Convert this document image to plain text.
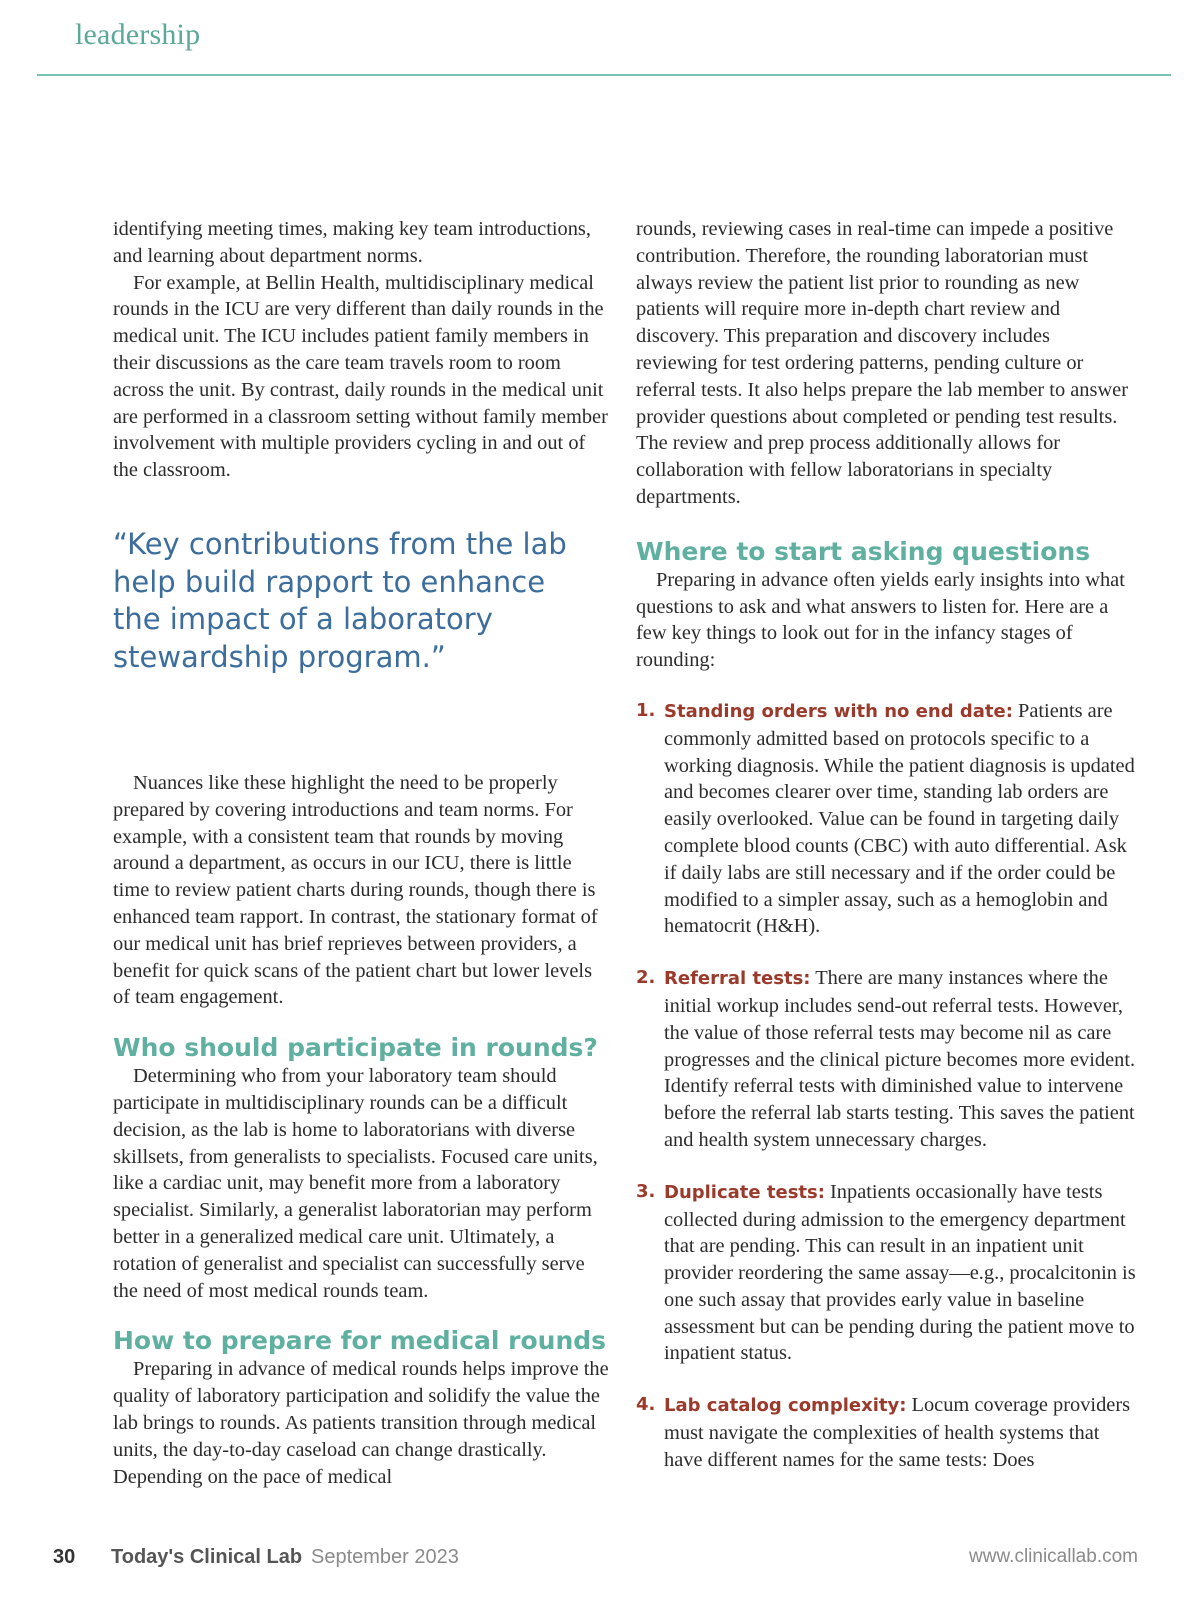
leadership

identifying meeting times, making key team introductions, and learning about department norms.

For example, at Bellin Health, multidisciplinary medical rounds in the ICU are very different than daily rounds in the medical unit. The ICU includes patient family members in their discussions as the care team travels room to room across the unit. By contrast, daily rounds in the medical unit are performed in a classroom setting without family member involvement with multiple providers cycling in and out of the classroom.

“Key contributions from the lab help build rapport to enhance the impact of a laboratory stewardship program.”

Nuances like these highlight the need to be properly prepared by covering introductions and team norms. For example, with a consistent team that rounds by moving around a department, as occurs in our ICU, there is little time to review patient charts during rounds, though there is enhanced team rapport. In contrast, the stationary format of our medical unit has brief reprieves between providers, a benefit for quick scans of the patient chart but lower levels of team engagement.

Who should participate in rounds?

Determining who from your laboratory team should participate in multidisciplinary rounds can be a difficult decision, as the lab is home to laboratorians with diverse skillsets, from generalists to specialists. Focused care units, like a cardiac unit, may benefit more from a laboratory specialist. Similarly, a generalist laboratorian may perform better in a generalized medical care unit. Ultimately, a rotation of generalist and specialist can successfully serve the need of most medical rounds team.

How to prepare for medical rounds

Preparing in advance of medical rounds helps improve the quality of laboratory participation and solidify the value the lab brings to rounds. As patients transition through medical units, the day-to-day caseload can change drastically. Depending on the pace of medical

rounds, reviewing cases in real-time can impede a positive contribution. Therefore, the rounding laboratorian must always review the patient list prior to rounding as new patients will require more in-depth chart review and discovery. This preparation and discovery includes reviewing for test ordering patterns, pending culture or referral tests. It also helps prepare the lab member to answer provider questions about completed or pending test results. The review and prep process additionally allows for collaboration with fellow laboratorians in specialty departments.

Where to start asking questions

Preparing in advance often yields early insights into what questions to ask and what answers to listen for. Here are a few key things to look out for in the infancy stages of rounding:

1. Standing orders with no end date: Patients are commonly admitted based on protocols specific to a working diagnosis. While the patient diagnosis is updated and becomes clearer over time, standing lab orders are easily overlooked. Value can be found in targeting daily complete blood counts (CBC) with auto differential. Ask if daily labs are still necessary and if the order could be modified to a simpler assay, such as a hemoglobin and hematocrit (H&H).
2. Referral tests: There are many instances where the initial workup includes send-out referral tests. However, the value of those referral tests may become nil as care progresses and the clinical picture becomes more evident. Identify referral tests with diminished value to intervene before the referral lab starts testing. This saves the patient and health system unnecessary charges.
3. Duplicate tests: Inpatients occasionally have tests collected during admission to the emergency department that are pending. This can result in an inpatient unit provider reordering the same assay—e.g., procalcitonin is one such assay that provides early value in baseline assessment but can be pending during the patient move to inpatient status.
4. Lab catalog complexity: Locum coverage providers must navigate the complexities of health systems that have different names for the same tests: Does
30 Today's Clinical Lab September 2023	www.clinicallab.com
